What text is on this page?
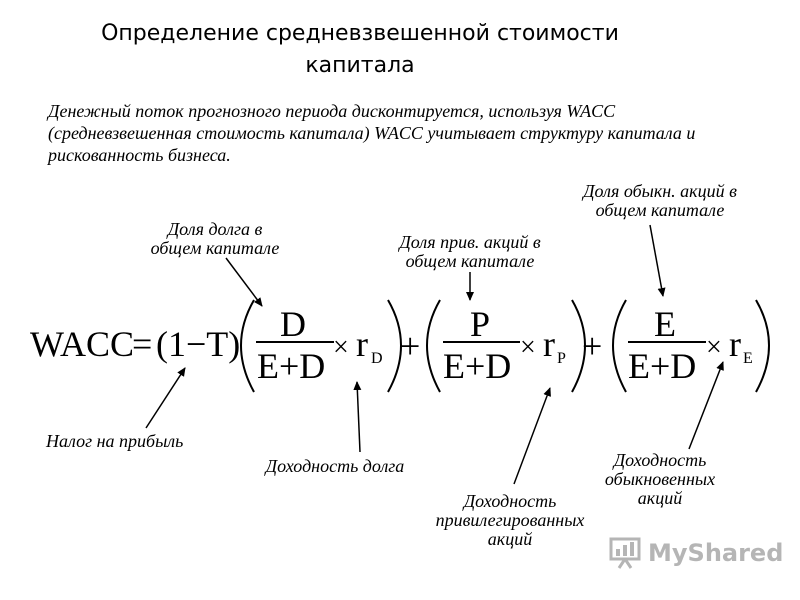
Определение средневзвешенной стоимости
капитала
Денежный поток прогнозного периода дисконтируется, используя WACC (средневзвешенная стоимость капитала) WACC учитывает структуру капитала и рискованность бизнеса.
WACC
= (1−T) D
E+D × r D +
P
E+D × r P +
E
E+D × r E
Доля долга в
общем капитале	Доля прив. акций в
общем капитале
Доля обыкн. акций в
общем капитале
Налог на прибыль
Доходность долга
Доходность
привилегированных
акций
Доходность
обыкновенных
акций
MyShared
